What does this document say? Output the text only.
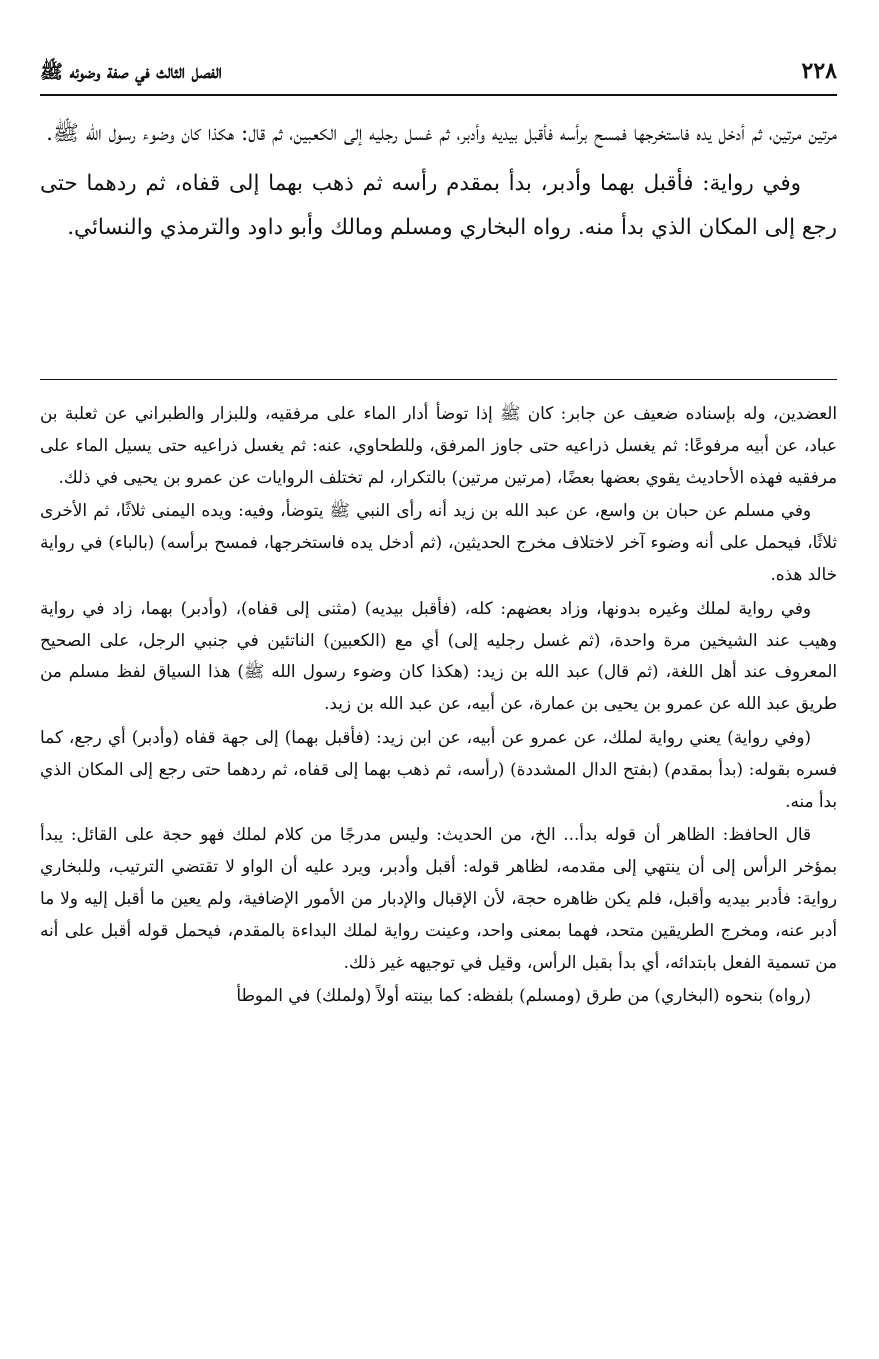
٢٢٨
الفصل الثالث في صفة وضوئه ﷺ

مرتين مرتين، ثم أدخل يده فاستخرجها فمسح برأسه فأقبل بيديه وأدبر، ثم غسل رجليه إلى الكعبين، ثم قال: هكذا كان وضوء رسول الله ﷺ.

وفي رواية: فأقبل بهما وأدبر، بدأ بمقدم رأسه ثم ذهب بهما إلى قفاه، ثم ردهما حتى رجع إلى المكان الذي بدأ منه. رواه البخاري ومسلم ومالك وأبو داود والترمذي والنسائي.

العضدين، وله بإسناده ضعيف عن جابر: كان ﷺ إذا توضأ أدار الماء على مرفقيه، وللبزار والطبراني عن ثعلبة بن عباد، عن أبيه مرفوعًا: ثم يغسل ذراعيه حتى جاوز المرفق، وللطحاوي، عنه: ثم يغسل ذراعيه حتى يسيل الماء على مرفقيه فهذه الأحاديث يقوي بعضها بعضًا، (مرتين مرتين) بالتكرار، لم تختلف الروايات عن عمرو بن يحيى في ذلك.

وفي مسلم عن حبان بن واسع، عن عبد الله بن زيد أنه رأى النبي ﷺ يتوضأ، وفيه: ويده اليمنى ثلاثًا، ثم الأخرى ثلاثًا، فيحمل على أنه وضوء آخر لاختلاف مخرج الحديثين، (ثم أدخل يده فاستخرجها، فمسح برأسه) (بالباء) في رواية خالد هذه.

وفي رواية لملك وغيره بدونها، وزاد بعضهم: كله، (فأقبل بيديه) (مثنى إلى قفاه)، (وأدبر) بهما، زاد في رواية وهيب عند الشيخين مرة واحدة، (ثم غسل رجليه إلى) أي مع (الكعبين) الناتئين في جنبي الرجل، على الصحيح المعروف عند أهل اللغة، (ثم قال) عبد الله بن زيد: (هكذا كان وضوء رسول الله ﷺ) هذا السياق لفظ مسلم من طريق عبد الله عن عمرو بن يحيى بن عمارة، عن أبيه، عن عبد الله بن زيد.

(وفي رواية) يعني رواية لملك، عن عمرو عن أبيه، عن ابن زيد: (فأقبل بهما) إلى جهة قفاه (وأدبر) أي رجع، كما فسره بقوله: (بدأ بمقدم) (بفتح الدال المشددة) (رأسه، ثم ذهب بهما إلى قفاه، ثم ردهما حتى رجع إلى المكان الذي بدأ منه.

قال الحافظ: الظاهر أن قوله بدأ... الخ، من الحديث: وليس مدرجًا من كلام لملك فهو حجة على القائل: يبدأ بمؤخر الرأس إلى أن ينتهي إلى مقدمه، لظاهر قوله: أقبل وأدبر، ويرد عليه أن الواو لا تقتضي الترتيب، وللبخاري رواية: فأدبر بيديه وأقبل، فلم يكن ظاهره حجة، لأن الإقبال والإدبار من الأمور الإضافية، ولم يعين ما أقبل إليه ولا ما أدبر عنه، ومخرج الطريقين متحد، فهما بمعنى واحد، وعينت رواية لملك البداءة بالمقدم، فيحمل قوله أقبل على أنه من تسمية الفعل بابتدائه، أي بدأ بقبل الرأس، وقيل في توجيهه غير ذلك.

(رواه) بنحوه (البخاري) من طرق (ومسلم) بلفظه: كما بينته أولاً (ولملك) في الموطأ
